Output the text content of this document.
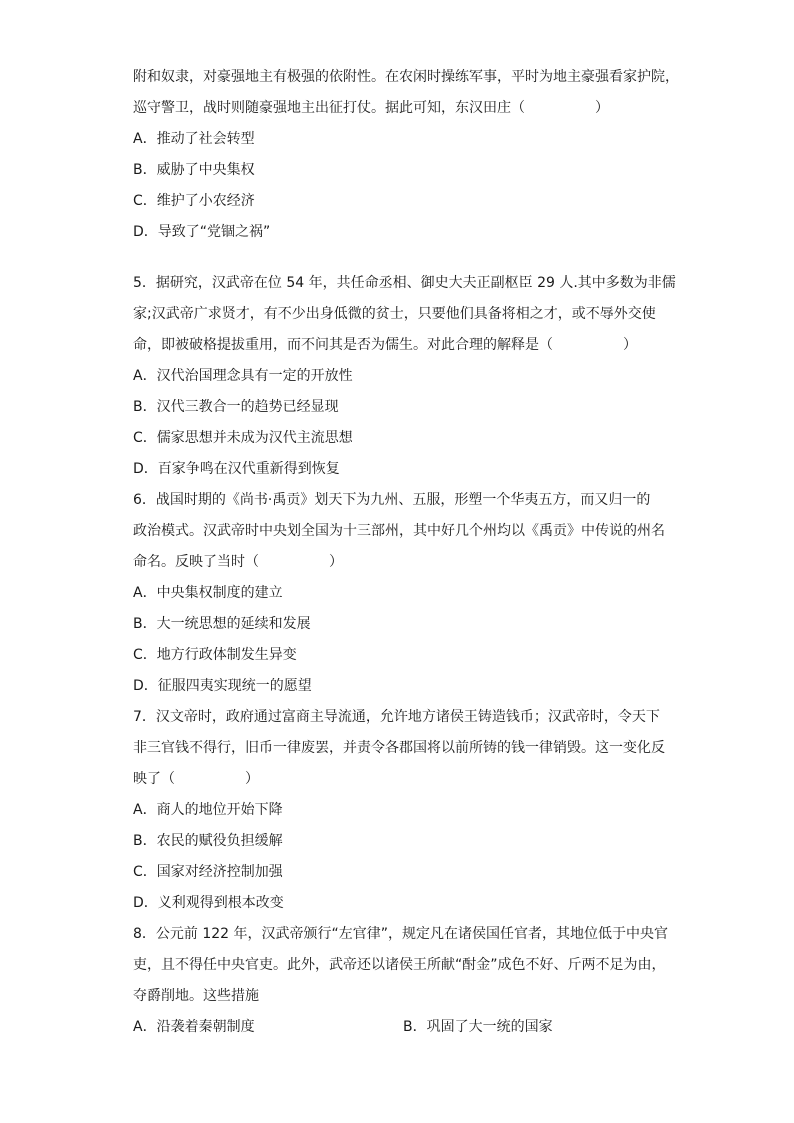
附和奴隶，对豪强地主有极强的依附性。在农闲时操练军事，平时为地主豪强看家护院，
巡守警卫，战时则随豪强地主出征打仗。据此可知，东汉田庄（　　　　　）

A．推动了社会转型

B．威胁了中央集权

C．维护了小农经济

D．导致了“党锢之祸”

5．据研究，汉武帝在位 54 年，共任命丞相、御史大夫正副枢臣 29 人.其中多数为非儒
家;汉武帝广求贤才，有不少出身低微的贫士，只要他们具备将相之才，或不辱外交使
命，即被破格提拔重用，而不问其是否为儒生。对此合理的解释是（　　　　　）

A．汉代治国理念具有一定的开放性

B．汉代三教合一的趋势已经显现

C．儒家思想并未成为汉代主流思想

D．百家争鸣在汉代重新得到恢复

6．战国时期的《尚书·禹贡》划天下为九州、五服，形塑一个华夷五方，而又归一的
政治模式。汉武帝时中央划全国为十三部州，其中好几个州均以《禹贡》中传说的州名
命名。反映了当时（　　　　　）

A．中央集权制度的建立

B．大一统思想的延续和发展

C．地方行政体制发生异变

D．征服四夷实现统一的愿望

7．汉文帝时，政府通过富商主导流通，允许地方诸侯王铸造钱币；汉武帝时，令天下
非三官钱不得行，旧币一律废罢，并责令各郡国将以前所铸的钱一律销毁。这一变化反
映了（　　　　　）

A．商人的地位开始下降

B．农民的赋役负担缓解

C．国家对经济控制加强

D．义利观得到根本改变

8．公元前 122 年，汉武帝颁行“左官律”，规定凡在诸侯国任官者，其地位低于中央官
吏，且不得任中央官吏。此外，武帝还以诸侯王所献“酎金”成色不好、斤两不足为由，
夺爵削地。这些措施

A．沿袭着秦朝制度	B．巩固了大一统的国家
